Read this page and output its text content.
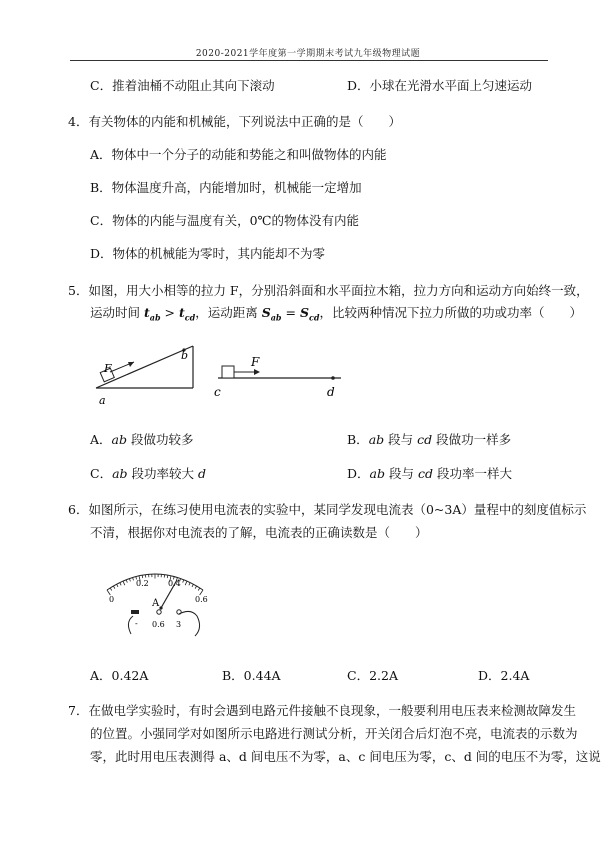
2020-2021学年度第一学期期末考试九年级物理试题
C．推着油桶不动阻止其向下滚动	D．小球在光滑水平面上匀速运动
4．有关物体的内能和机械能，下列说法中正确的是（　　）
A．物体中一个分子的动能和势能之和叫做物体的内能
B．物体温度升高，内能增加时，机械能一定增加
C．物体的内能与温度有关，0℃的物体没有内能
D．物体的机械能为零时，其内能却不为零
5．如图，用大小相等的拉力 F，分别沿斜面和水平面拉木箱，拉力方向和运动方向始终一致，
运动时间 $t_{ab} > t_{cd}$，运动距离 $S_{ab} = S_{cd}$，比较两种情况下拉力所做的功或功率（　　）
F
a
b	F
c	d
A．ab 段做功较多	B．ab 段与 cd 段做功一样多
C．ab 段功率较大 d	D．ab 段与 cd 段功率一样大
6．如图所示，在练习使用电流表的实验中，某同学发现电流表（0~3A）量程中的刻度值标示
不清，根据你对电流表的了解，电流表的正确读数是（　　）
0
0.2 0.4
0.6
A
- 0.6 3
A．0.42A	B．0.44A	C．2.2A	D．2.4A
7．在做电学实验时，有时会遇到电路元件接触不良现象，一般要利用电压表来检测故障发生
的位置。小强同学对如图所示电路进行测试分析，开关闭合后灯泡不亮，电流表的示数为
零，此时用电压表测得 a、d 间电压不为零，a、c 间电压为零，c、d 间的电压不为零，这说
